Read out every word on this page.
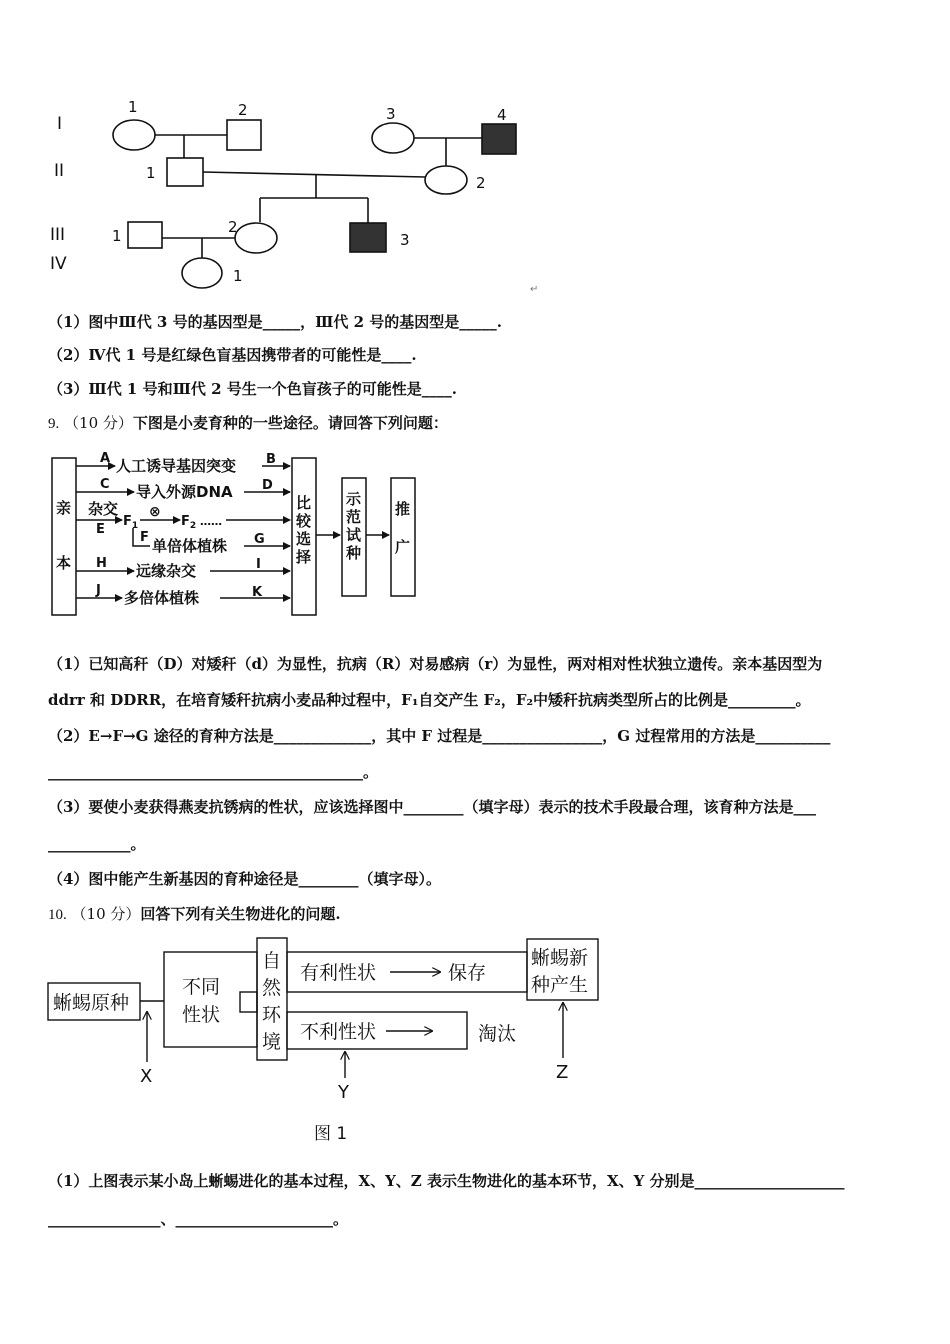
I
II
III
IV
1	2	3	4
1
2
1	2
3
1
↵
（1）图中Ⅲ代 3 号的基因型是_____，Ⅲ代 2 号的基因型是_____.
（2）Ⅳ代 1 号是红绿色盲基因携带者的可能性是____.
（3）Ⅲ代 1 号和Ⅲ代 2 号生一个色盲孩子的可能性是____.
9. （10 分）下图是小麦育种的一些途径。请回答下列问题：
亲
本
比
较
选
择
示
范
试
种
推
广
A 人工诱导基因突变 B
C 导入外源DNA D
杂交
E
$F_1$
⊗
$F_2$ ……
F 单倍体植株 G
H 远缘杂交	I
J 多倍体植株	K
（1）已知高秆（D）对矮秆（d）为显性，抗病（R）对易感病（r）为显性，两对相对性状独立遗传。亲本基因型为
ddrr 和 DDRR，在培育矮秆抗病小麦品种过程中，F₁自交产生 F₂，F₂中矮秆抗病类型所占的比例是_________。
（2）E→F→G 途径的育种方法是_____________，其中 F 过程是________________，G 过程常用的方法是__________
__________________________________________。
（3）要使小麦获得燕麦抗锈病的性状，应该选择图中________（填字母）表示的技术手段最合理，该育种方法是___
___________。
（4）图中能产生新基因的育种途径是________（填字母）。
10. （10 分）回答下列有关生物进化的问题.
蜥蜴原种
不同
性状
自
然
环
境
有利性状	保存
不利性状	淘汰
蜥蜴新
种产生
X
Y
Z
图 1
（1）上图表示某小岛上蜥蜴进化的基本过程，X、Y、Z 表示生物进化的基本环节，X、Y 分别是____________________
_______________、_____________________。
